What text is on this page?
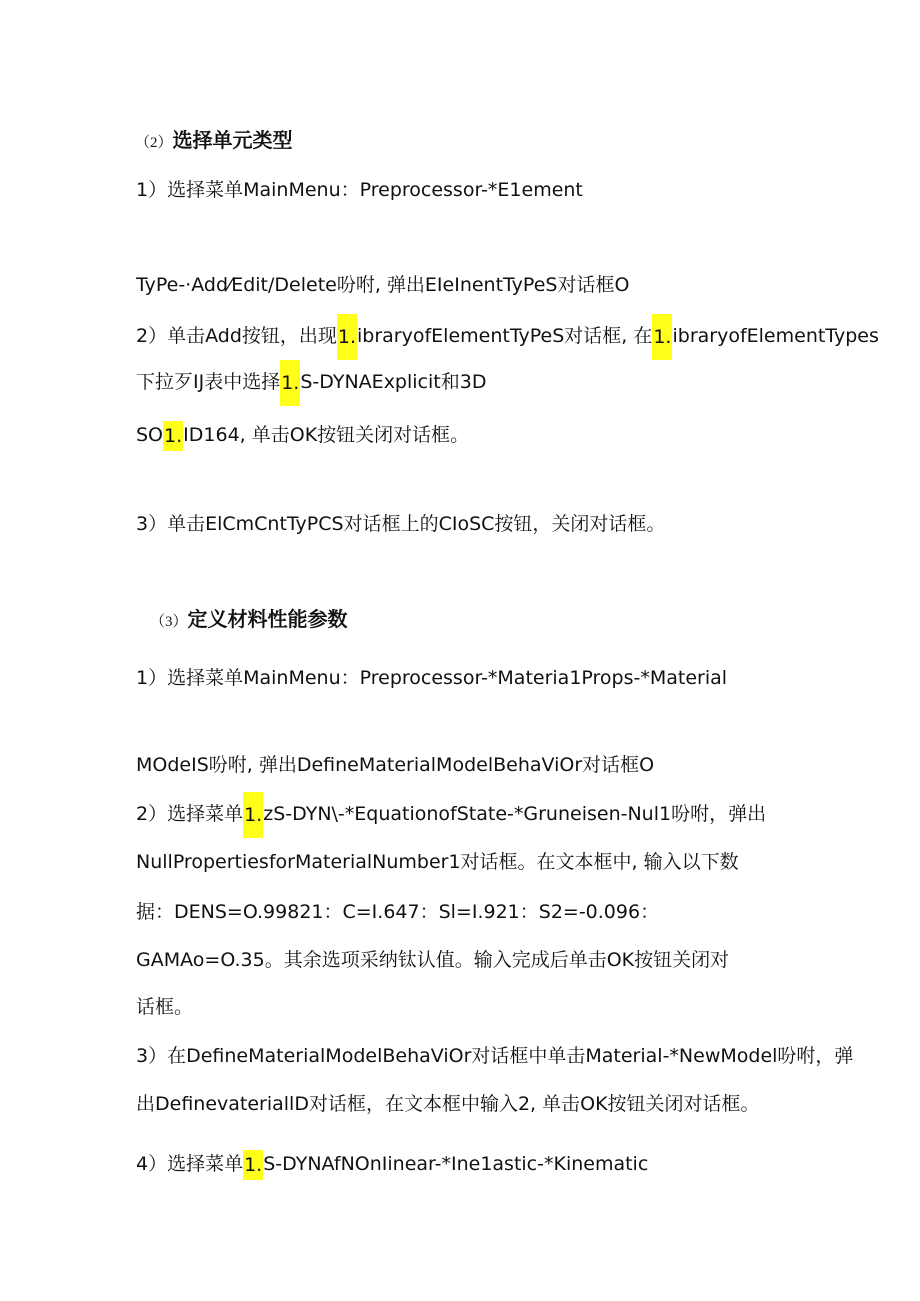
（2）选择单元类型
1）选择菜单MainMenu：Preprocessor-*E1ement
TyPe-·Add⁄Edit/Delete吩咐, 弹出EIeInentTyPeS对话框O
2）单击Add按钮，出现1.ibraryofElementTyPeS对话框, 在1.ibraryofElementTypes
下拉歹IJ表中选择1.S-DYNAExplicit和3D
SO1.ID164, 单击OK按钮关闭对话框。
3）单击ElCmCntTyPCS对话框上的CIoSC按钮，关闭对话框。
（3）定义材料性能参数
1）选择菜单MainMenu：Preprocessor-*Materia1Props-*Material
MOdeIS吩咐, 弹出DefineMaterialModelBehaViOr对话框O
2）选择菜单1.zS-DYN\-*EquationofState-*Gruneisen-Nul1吩咐，弹出
NullPropertiesforMaterialNumber1对话框。在文本框中, 输入以下数
据：DENS=O.99821：C=I.647：Sl=I.921：S2=-0.096：
GAMAo=O.35。其余选项采纳钛认值。输入完成后单击OK按钮关闭对
话框。
3）在DefineMaterialModelBehaViOr对话框中单击Material-*NewModel吩咐，弹
出DefinevateriallD对话框，在文本框中输入2, 单击OK按钮关闭对话框。
4）选择菜单1.S-DYNAfNOnIinear-*Ine1astic-*Kinematic
